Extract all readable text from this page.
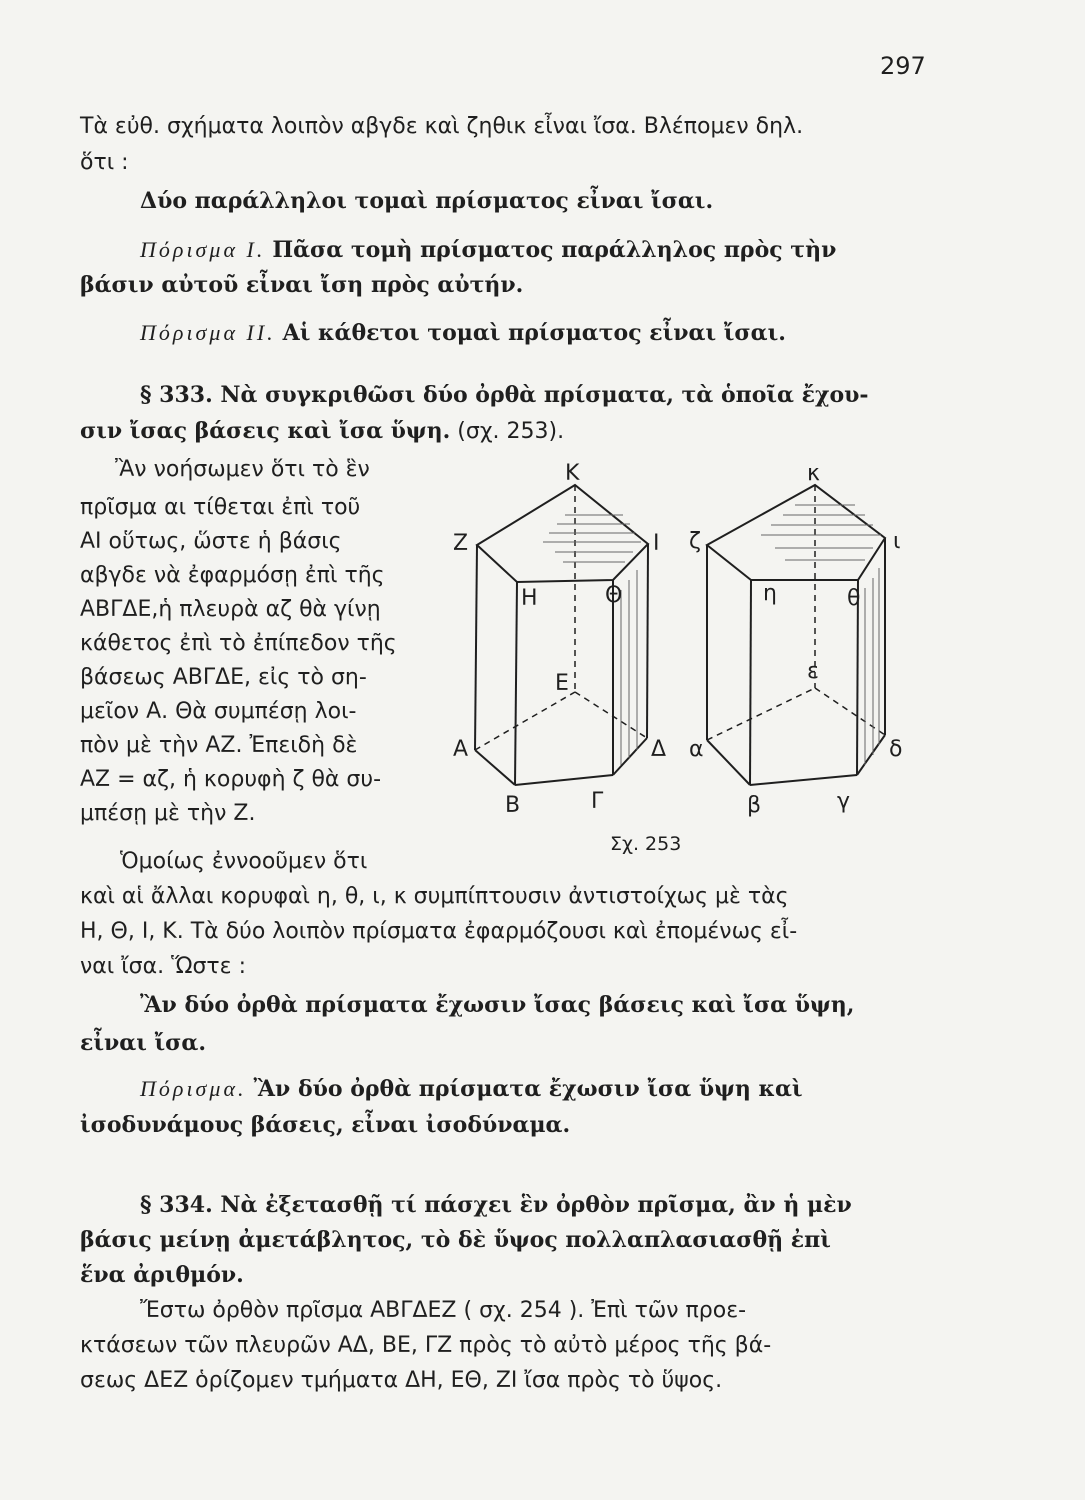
297
Τὰ εὐθ. σχήματα λοιπὸν αβγδε καὶ ζηθικ εἶναι ἴσα. Βλέπομεν δηλ.
ὅτι :
Δύο παράλληλοι τομαὶ πρίσματος εἶναι ἴσαι.
Πόρισμα Ι. Πᾶσα τομὴ πρίσματος παράλληλος πρὸς τὴν
βάσιν αὐτοῦ εἶναι ἴση πρὸς αὐτήν.
Πόρισμα ΙΙ. Αἱ κάθετοι τομαὶ πρίσματος εἶναι ἴσαι.
§ 333. Νὰ συγκριθῶσι δύο ὀρθὰ πρίσματα, τὰ ὁποῖα ἔχου-
σιν ἴσας βάσεις καὶ ἴσα ὕψη. (σχ. 253).
Ἂν νοήσωμεν ὅτι τὸ ἓν
πρῖσμα αι τίθεται ἐπὶ τοῦ
ΑΙ οὕτως, ὥστε ἡ βάσις
αβγδε νὰ ἐφαρμόσῃ ἐπὶ τῆς
ΑΒΓΔΕ,ἡ πλευρὰ αζ θὰ γίνῃ
κάθετος ἐπὶ τὸ ἐπίπεδον τῆς
βάσεως ΑΒΓΔΕ, εἰς τὸ ση-
μεῖον Α. Θὰ συμπέσῃ λοι-
πὸν μὲ τὴν ΑΖ. Ἐπειδὴ δὲ
ΑΖ = αζ, ἡ κορυφὴ ζ θὰ συ-
μπέσῃ μὲ τὴν Ζ.
Κ
Ζ	Ι
Η	Θ
Ε
Α	Δ
Β	Γ
κ
ζ	ι
η	θ
ε
α	δ
β	γ
Σχ. 253
Ὁμοίως ἐννοοῦμεν ὅτι
καὶ αἱ ἄλλαι κορυφαὶ η, θ, ι, κ συμπίπτουσιν ἀντιστοίχως μὲ τὰς
Η, Θ, Ι, Κ. Τὰ δύο λοιπὸν πρίσματα ἐφαρμόζουσι καὶ ἐπομένως εἶ-
ναι ἴσα. Ὥστε :
Ἂν δύο ὀρθὰ πρίσματα ἔχωσιν ἴσας βάσεις καὶ ἴσα ὕψη,
εἶναι ἴσα.
Πόρισμα. Ἂν δύο ὀρθὰ πρίσματα ἔχωσιν ἴσα ὕψη καὶ
ἰσοδυνάμους βάσεις, εἶναι ἰσοδύναμα.
§ 334. Νὰ ἐξετασθῇ τί πάσχει ἓν ὀρθὸν πρῖσμα, ἂν ἡ μὲν
βάσις μείνῃ ἀμετάβλητος, τὸ δὲ ὕψος πολλαπλασιασθῇ ἐπὶ
ἕνα ἀριθμόν.
Ἔστω ὀρθὸν πρῖσμα ΑΒΓΔΕΖ ( σχ. 254 ). Ἐπὶ τῶν προε-
κτάσεων τῶν πλευρῶν ΑΔ, ΒΕ, ΓΖ πρὸς τὸ αὐτὸ μέρος τῆς βά-
σεως ΔΕΖ ὁρίζομεν τμήματα ΔΗ, ΕΘ, ΖΙ ἴσα πρὸς τὸ ὕψος.
